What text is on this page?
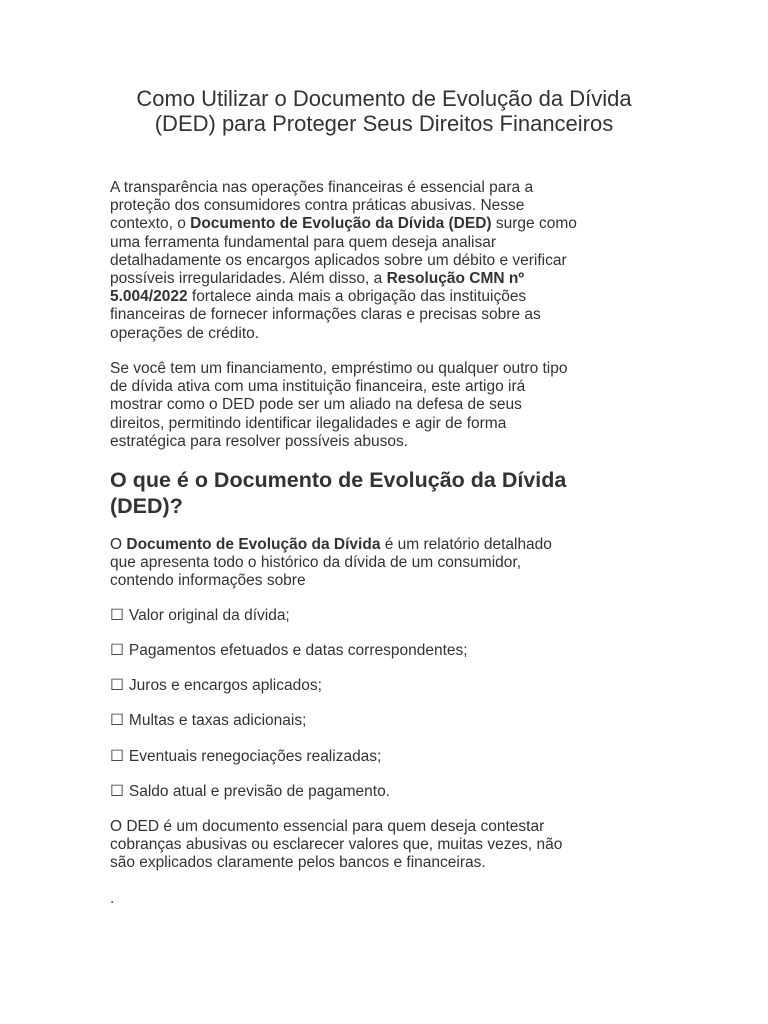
Como Utilizar o Documento de Evolução da Dívida
(DED) para Proteger Seus Direitos Financeiros

A transparência nas operações financeiras é essencial para a
proteção dos consumidores contra práticas abusivas. Nesse
contexto, o Documento de Evolução da Dívida (DED) surge como
uma ferramenta fundamental para quem deseja analisar
detalhadamente os encargos aplicados sobre um débito e verificar
possíveis irregularidades. Além disso, a Resolução CMN nº
5.004/2022 fortalece ainda mais a obrigação das instituições
financeiras de fornecer informações claras e precisas sobre as
operações de crédito.

Se você tem um financiamento, empréstimo ou qualquer outro tipo
de dívida ativa com uma instituição financeira, este artigo irá
mostrar como o DED pode ser um aliado na defesa de seus
direitos, permitindo identificar ilegalidades e agir de forma
estratégica para resolver possíveis abusos.

O que é o Documento de Evolução da Dívida
(DED)?

O Documento de Evolução da Dívida é um relatório detalhado
que apresenta todo o histórico da dívida de um consumidor,
contendo informações sobre

☐ Valor original da dívida;

☐ Pagamentos efetuados e datas correspondentes;

☐ Juros e encargos aplicados;

☐ Multas e taxas adicionais;

☐ Eventuais renegociações realizadas;

☐ Saldo atual e previsão de pagamento.

O DED é um documento essencial para quem deseja contestar
cobranças abusivas ou esclarecer valores que, muitas vezes, não
são explicados claramente pelos bancos e financeiras.

.
